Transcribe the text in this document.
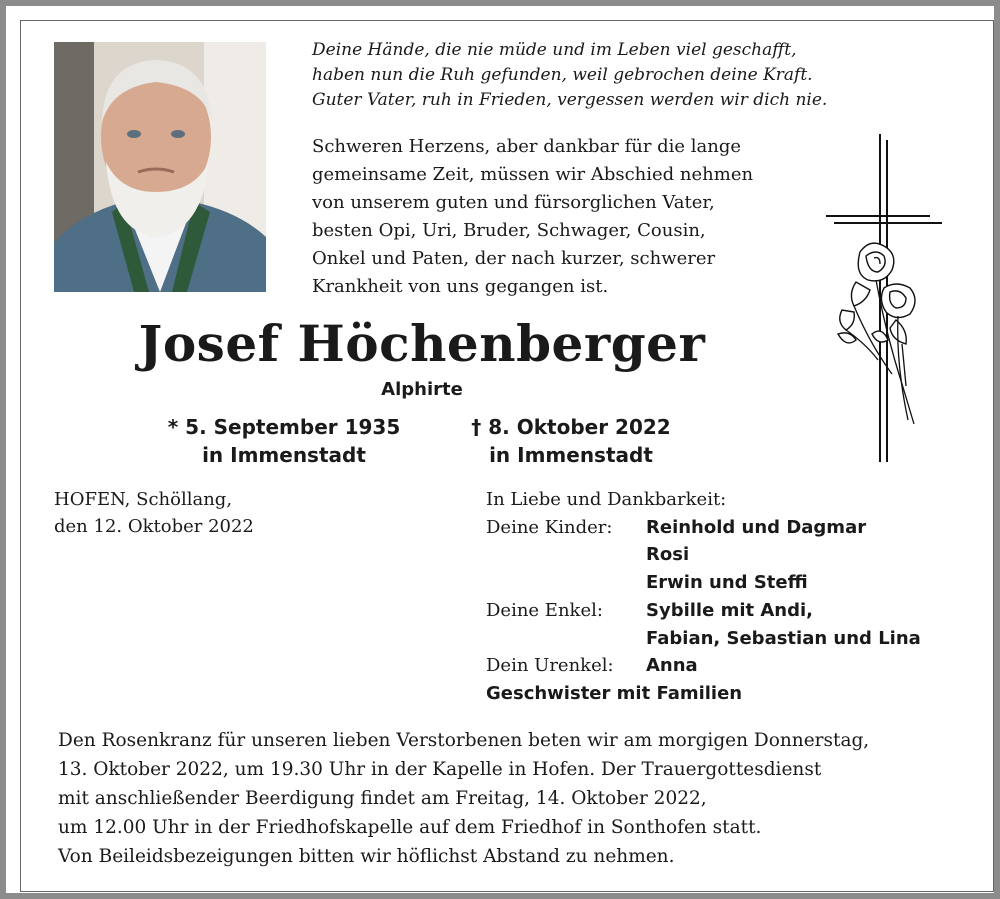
Deine Hände, die nie müde und im Leben viel geschafft,
haben nun die Ruh gefunden, weil gebrochen deine Kraft.
Guter Vater, ruh in Frieden, vergessen werden wir dich nie.
Schweren Herzens, aber dankbar für die lange
gemeinsame Zeit, müssen wir Abschied nehmen
von unserem guten und fürsorglichen Vater,
besten Opi, Uri, Bruder, Schwager, Cousin,
Onkel und Paten, der nach kurzer, schwerer
Krankheit von uns gegangen ist.
Josef Höchenberger
Alphirte
* 5. September 1935
in Immenstadt
† 8. Oktober 2022
in Immenstadt
HOFEN, Schöllang,
den 12. Oktober 2022
In Liebe und Dankbarkeit:
Deine Kinder:	Reinhold und Dagmar
Rosi
Erwin und Steffi
Deine Enkel:	Sybille mit Andi,
Fabian, Sebastian und Lina
Dein Urenkel:	Anna
Geschwister mit Familien
Den Rosenkranz für unseren lieben Verstorbenen beten wir am morgigen Donnerstag,
13. Oktober 2022, um 19.30 Uhr in der Kapelle in Hofen. Der Trauergottesdienst
mit anschließender Beerdigung findet am Freitag, 14. Oktober 2022,
um 12.00 Uhr in der Friedhofskapelle auf dem Friedhof in Sonthofen statt.
Von Beileidsbezeigungen bitten wir höflichst Abstand zu nehmen.
